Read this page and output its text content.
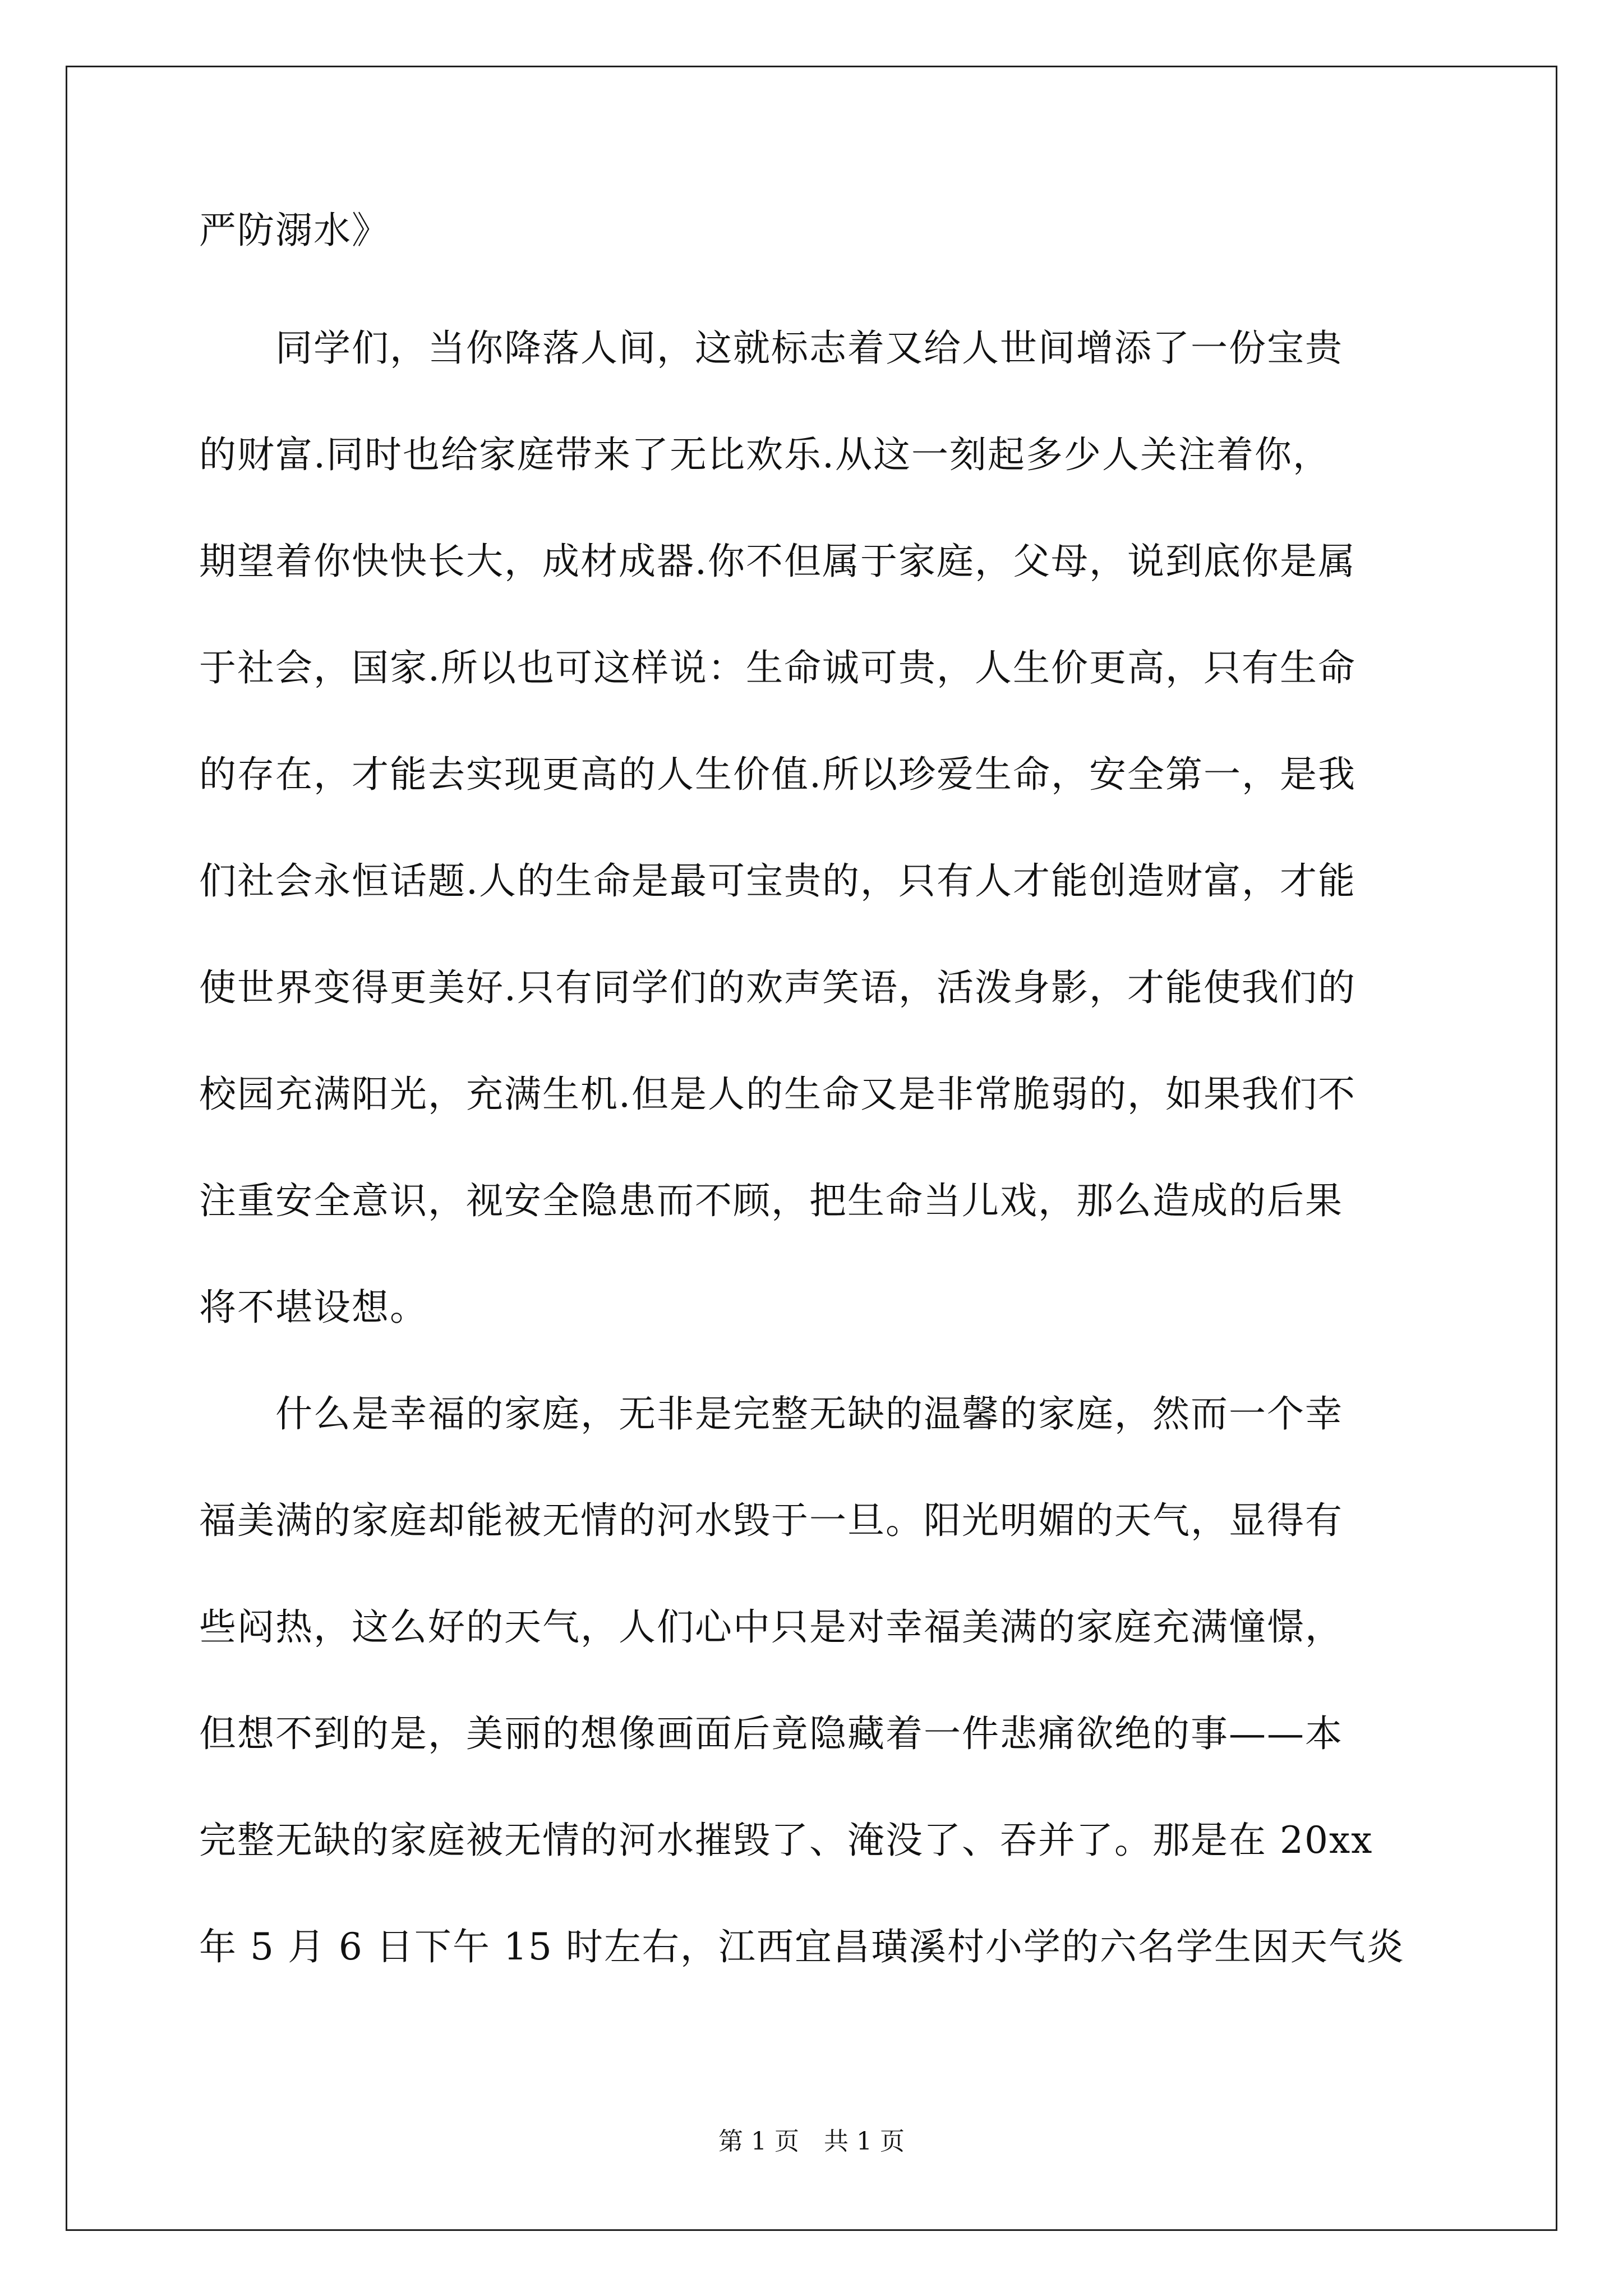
严防溺水》
　　同学们，当你降落人间，这就标志着又给人世间增添了一份宝贵
的财富.同时也给家庭带来了无比欢乐.从这一刻起多少人关注着你，
期望着你快快长大，成材成器.你不但属于家庭，父母，说到底你是属
于社会，国家.所以也可这样说：生命诚可贵，人生价更高，只有生命
的存在，才能去实现更高的人生价值.所以珍爱生命，安全第一，是我
们社会永恒话题.人的生命是最可宝贵的，只有人才能创造财富，才能
使世界变得更美好.只有同学们的欢声笑语，活泼身影，才能使我们的
校园充满阳光，充满生机.但是人的生命又是非常脆弱的，如果我们不
注重安全意识，视安全隐患而不顾，把生命当儿戏，那么造成的后果
将不堪设想。
　　什么是幸福的家庭，无非是完整无缺的温馨的家庭，然而一个幸
福美满的家庭却能被无情的河水毁于一旦。阳光明媚的天气，显得有
些闷热，这么好的天气，人们心中只是对幸福美满的家庭充满憧憬，
但想不到的是，美丽的想像画面后竟隐藏着一件悲痛欲绝的事——本
完整无缺的家庭被无情的河水摧毁了、淹没了、吞并了。那是在 20xx
年 5 月 6 日下午 15 时左右，江西宜昌璜溪村小学的六名学生因天气炎
第 1 页　共 1 页
